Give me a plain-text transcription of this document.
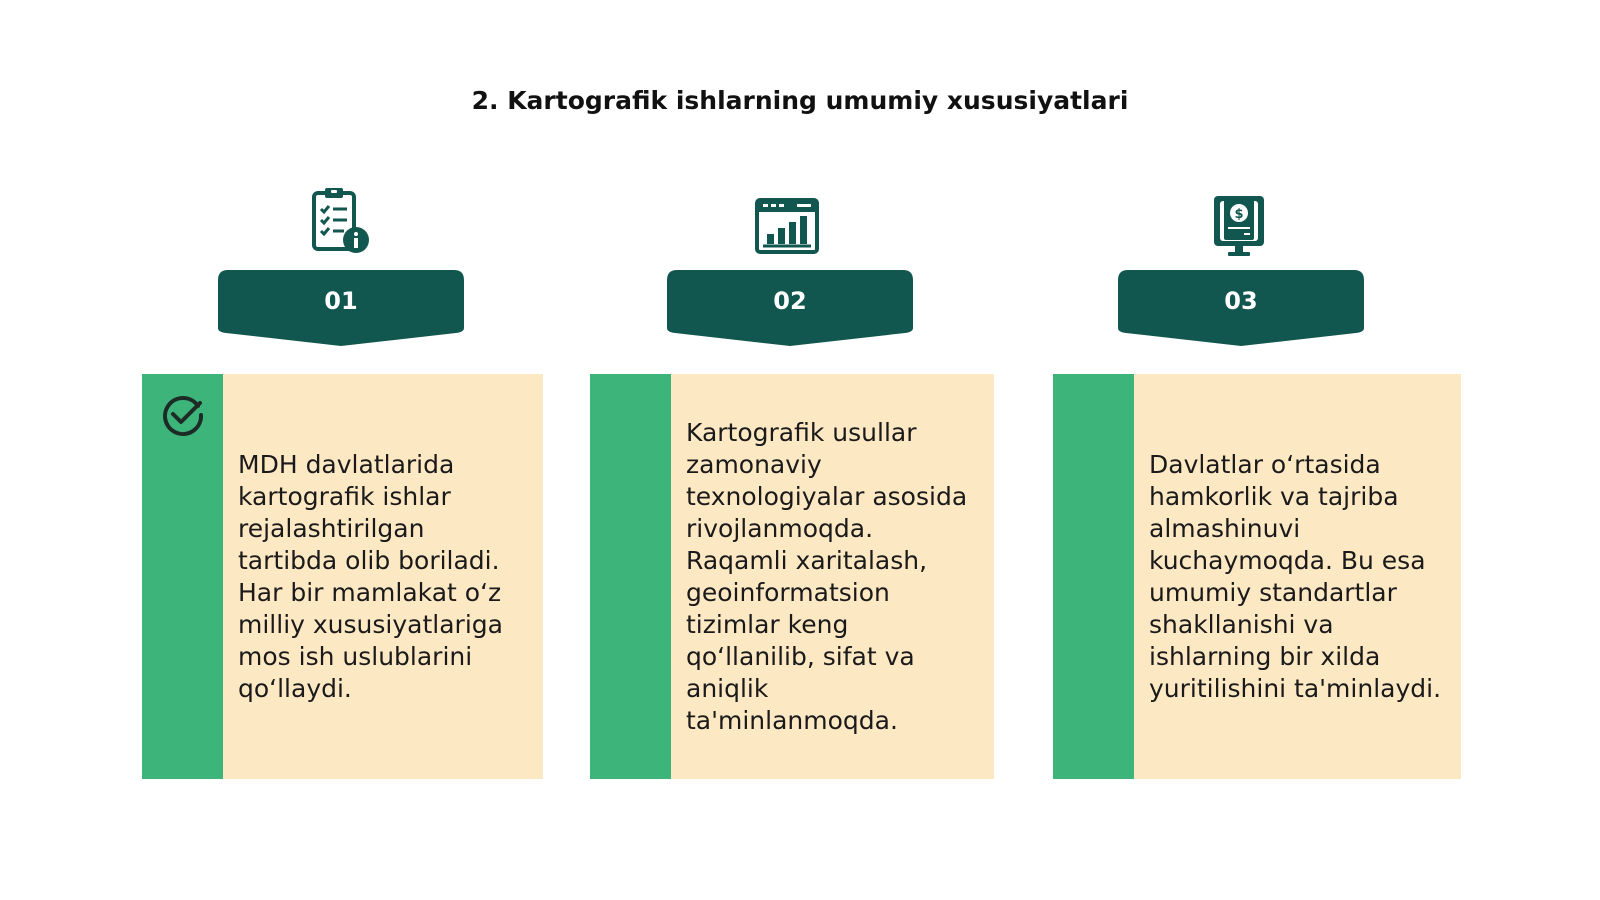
2. Kartografik ishlarning umumiy xususiyatlari
$
01	02	03
MDH davlatlarida kartografik ishlar rejalashtirilgan tartibda olib boriladi. Har bir mamlakat o‘z milliy xususiyatlariga mos ish uslublarini qo‘llaydi.
Kartografik usullar zamonaviy texnologiyalar asosida rivojlanmoqda. Raqamli xaritalash, geoinformatsion tizimlar keng qo‘llanilib, sifat va aniqlik ta'minlanmoqda.
Davlatlar o‘rtasida hamkorlik va tajriba almashinuvi kuchaymoqda. Bu esa umumiy standartlar shakllanishi va ishlarning bir xilda yuritilishini ta'minlaydi.
